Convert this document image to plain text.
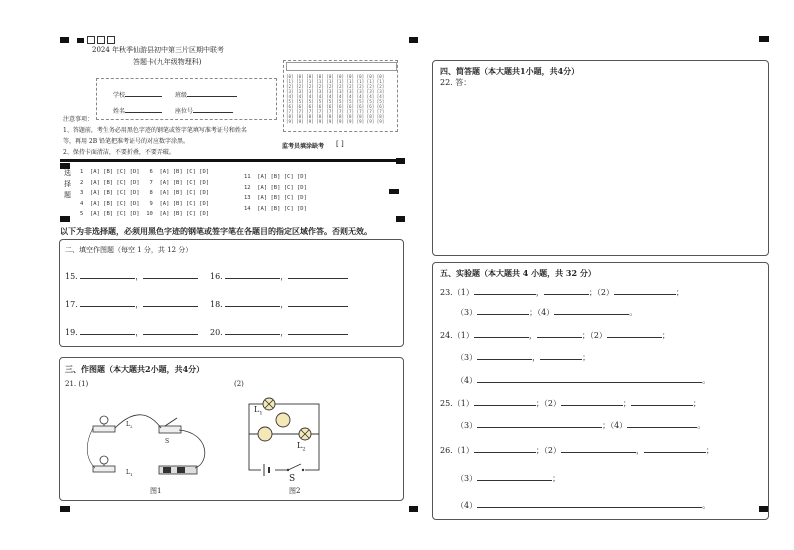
2024 年秋季仙游县初中第三片区期中联考
答题卡(九年级物理科)
学校	班级
姓名	座位号
注意事项：
1、答题前，考生务必用黑色字迹的钢笔或签字笔填写准考证号和姓名
等，再用 2B 铅笔把准考证号的对应数字涂黑。
2、保持卡面清洁，不要折叠，不要弄破。
[0] [0] [0] [0] [0] [0] [0] [0] [0] [0]
[1] [1] [1] [1] [1] [1] [1] [1] [1] [1]
[2] [2] [2] [2] [2] [2] [2] [2] [2] [2]
[3] [3] [3] [3] [3] [3] [3] [3] [3] [3]
[4] [4] [4] [4] [4] [4] [4] [4] [4] [4]
[5] [5] [5] [5] [5] [5] [5] [5] [5] [5]
[6] [6] [6] [6] [6] [6] [6] [6] [6] [6]
[7] [7] [7] [7] [7] [7] [7] [7] [7] [7]
[8] [8] [8] [8] [8] [8] [8] [8] [8] [8]
[9] [9] [9] [9] [9] [9] [9] [9] [9] [9]
监考员填涂缺考 [ ]
选
择
题
1 [A] [B] [C] [D] 6 [A] [B] [C] [D]
2 [A] [B] [C] [D] 7 [A] [B] [C] [D]
3 [A] [B] [C] [D] 8 [A] [B] [C] [D]
4 [A] [B] [C] [D] 9 [A] [B] [C] [D]
5 [A] [B] [C] [D] 10 [A] [B] [C] [D]
11 [A] [B] [C] [D]
12 [A] [B] [C] [D]
13 [A] [B] [C] [D]
14 [A] [B] [C] [D]
以下为非选择题，必须用黑色字迹的钢笔或签字笔在各题目的指定区域作答。否则无效。
二、填空作图题（每空 1 分，共 12 分）
15.	，	16.	，
17.	，	18.	，
19.	，	20.	，
三、作图题（本大题共2小题，共4分）
21. (1)	(2)
$L_2$
S
$L_1$
图1
$L_1$
$L_2$
S
图2
四、简答题（本大题共1小题，共4分）
22. 答：
五、实验题（本大题共 4 小题，共 32 分）
23.（1）	，	；（2）	；
（3）	；（4）	。
24.（1）	，	；（2）	；
（3）	，	；
（4）	。
25.（1）	；（2）	；	；
（3）	；（4）	。
26.（1）	；（2）	，	；
（3）	；
（4）	。
